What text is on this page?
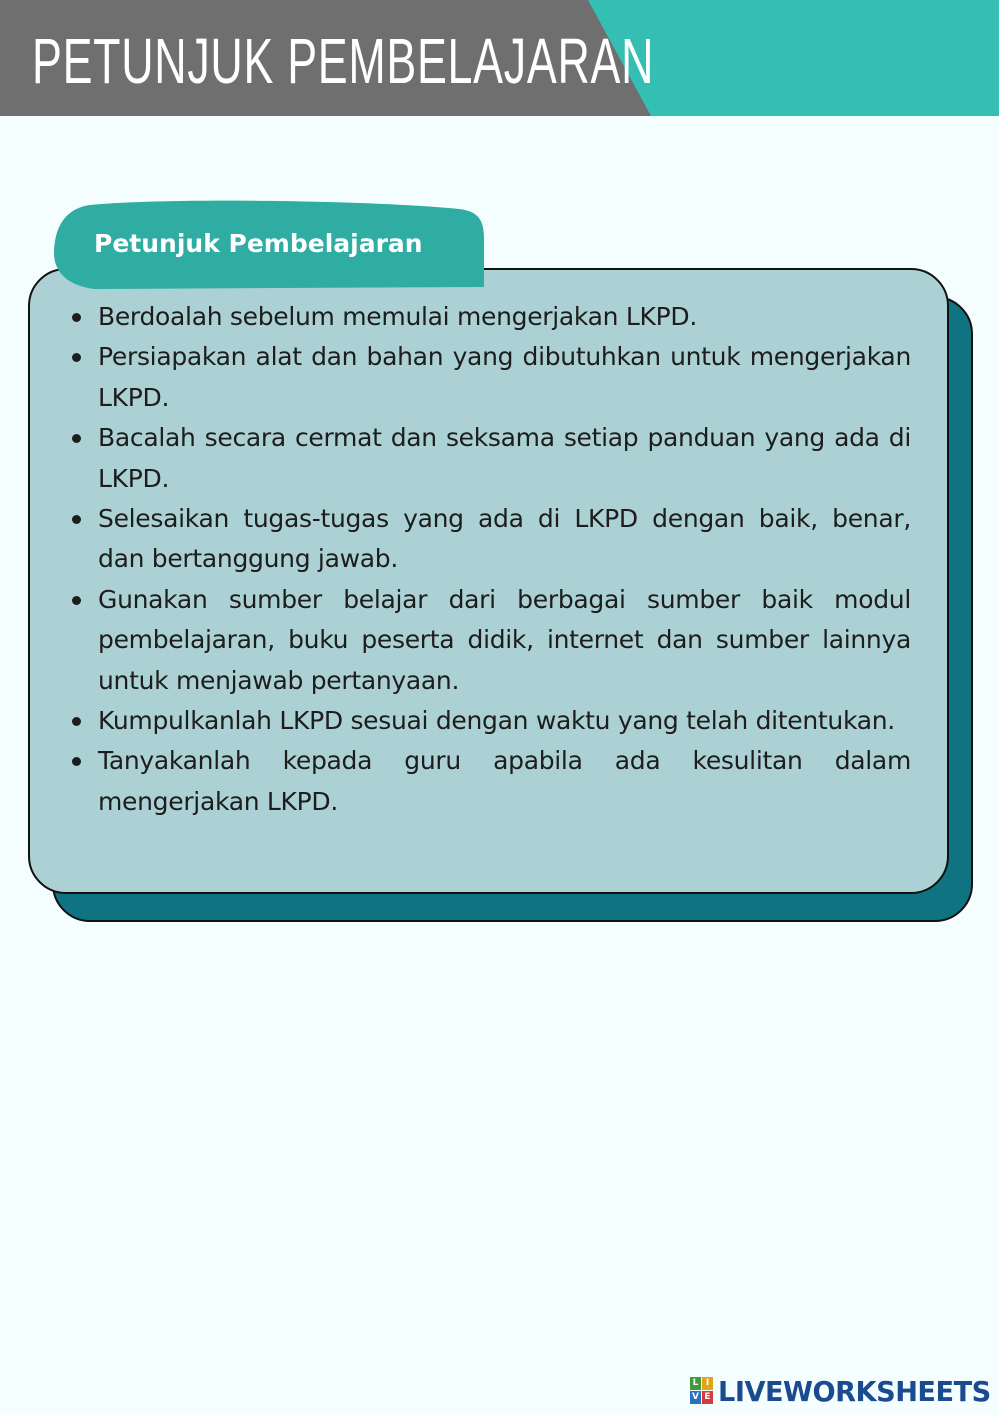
PETUNJUK PEMBELAJARAN
Petunjuk Pembelajaran
Berdoalah sebelum memulai mengerjakan LKPD.
Persiapakan alat dan bahan yang dibutuhkan untuk mengerjakan LKPD.
Bacalah secara cermat dan seksama setiap panduan yang ada di LKPD.
Selesaikan tugas-tugas yang ada di LKPD dengan baik, benar, dan bertanggung jawab.
Gunakan sumber belajar dari berbagai sumber baik modul pembelajaran, buku peserta didik, internet dan sumber lainnya untuk menjawab pertanyaan.
Kumpulkanlah LKPD sesuai dengan waktu yang telah ditentukan.
Tanyakanlah kepada guru apabila ada kesulitan dalam mengerjakan LKPD.
L I
V E LIVEWORKSHEETS
